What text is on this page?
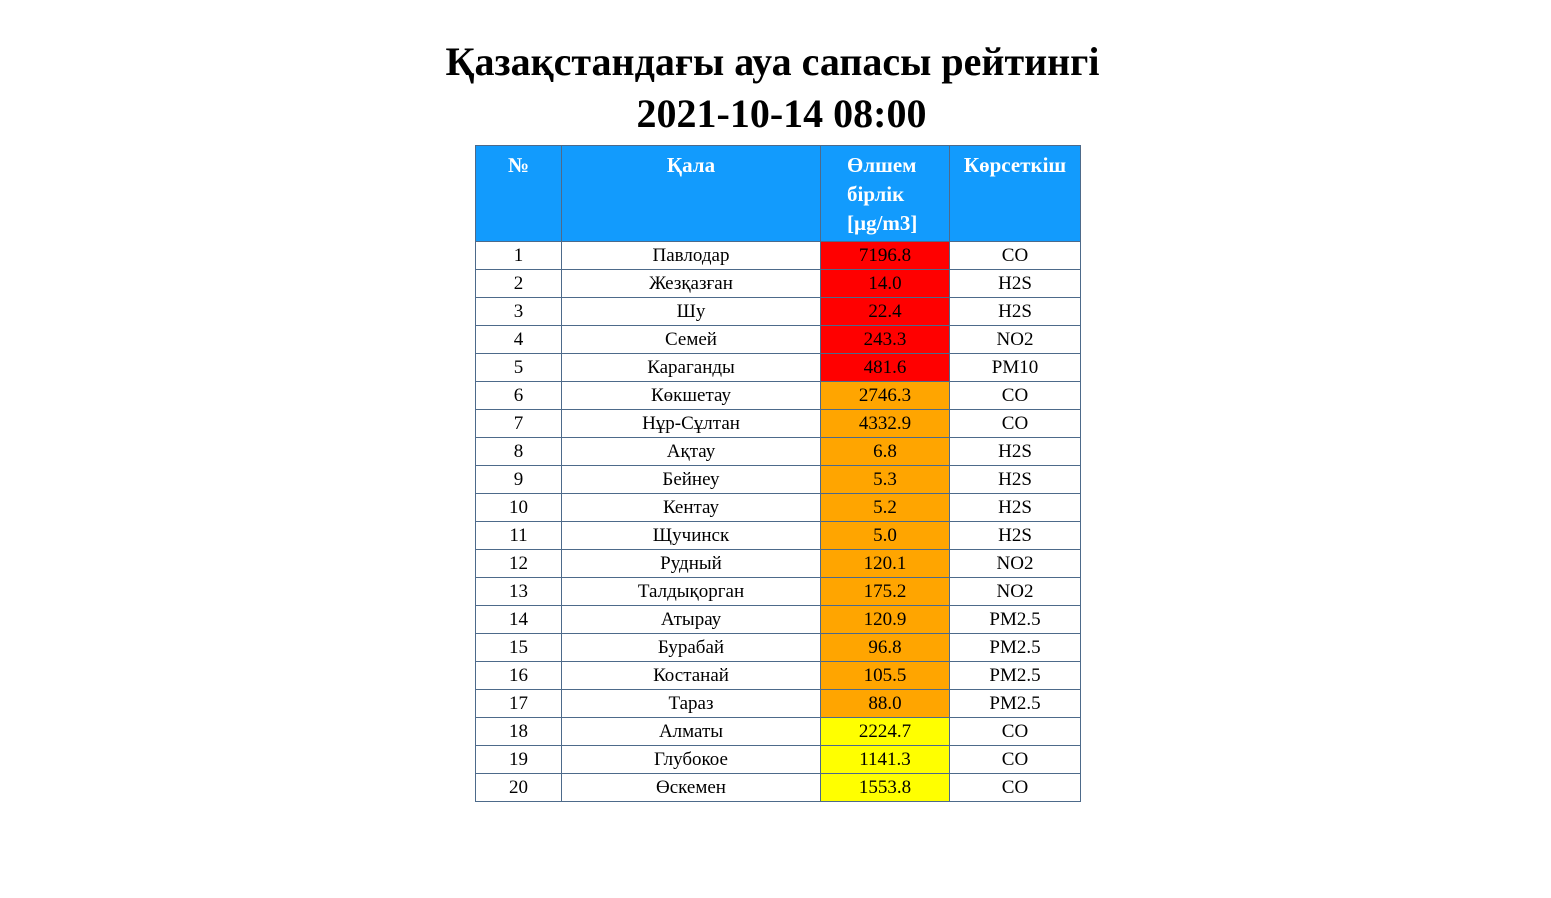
Қазақстандағы ауа сапасы рейтингі
2021-10-14 08:00
№	Қала	Өлшем бірлік [µg/m3]	Көрсеткіш
1	Павлодар	7196.8	CO
2	Жезқазған	14.0	H2S
3	Шу	22.4	H2S
4	Семей	243.3	NO2
5	Караганды	481.6	PM10
6	Көкшетау	2746.3	CO
7	Нұр-Сұлтан	4332.9	CO
8	Ақтау	6.8	H2S
9	Бейнеу	5.3	H2S
10	Кентау	5.2	H2S
11	Щучинск	5.0	H2S
12	Рудный	120.1	NO2
13	Талдықорган	175.2	NO2
14	Атырау	120.9	PM2.5
15	Бурабай	96.8	PM2.5
16	Костанай	105.5	PM2.5
17	Тараз	88.0	PM2.5
18	Алматы	2224.7	CO
19	Глубокое	1141.3	CO
20	Өскемен	1553.8	CO
